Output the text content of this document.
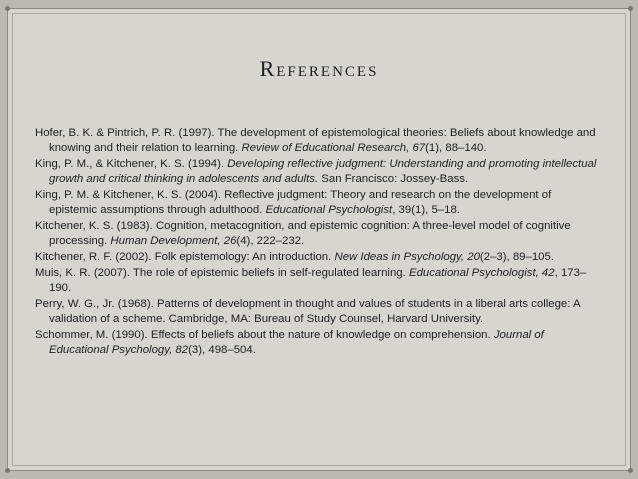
References
Hofer, B. K. & Pintrich, P. R. (1997). The development of epistemological theories: Beliefs about knowledge and knowing and their relation to learning. Review of Educational Research, 67(1), 88–140.
King, P. M., & Kitchener, K. S. (1994). Developing reflective judgment: Understanding and promoting intellectual growth and critical thinking in adolescents and adults. San Francisco: Jossey-Bass.
King, P. M. & Kitchener, K. S. (2004). Reflective judgment: Theory and research on the development of epistemic assumptions through adulthood. Educational Psychologist, 39(1), 5–18.
Kitchener, K. S. (1983). Cognition, metacognition, and epistemic cognition: A three-level model of cognitive processing. Human Development, 26(4), 222–232.
Kitchener, R. F. (2002). Folk epistemology: An introduction. New Ideas in Psychology, 20(2–3), 89–105.
Muis, K. R. (2007). The role of epistemic beliefs in self-regulated learning. Educational Psychologist, 42, 173–190.
Perry, W. G., Jr. (1968). Patterns of development in thought and values of students in a liberal arts college: A validation of a scheme. Cambridge, MA: Bureau of Study Counsel, Harvard University.
Schommer, M. (1990). Effects of beliefs about the nature of knowledge on comprehension. Journal of Educational Psychology, 82(3), 498–504.
